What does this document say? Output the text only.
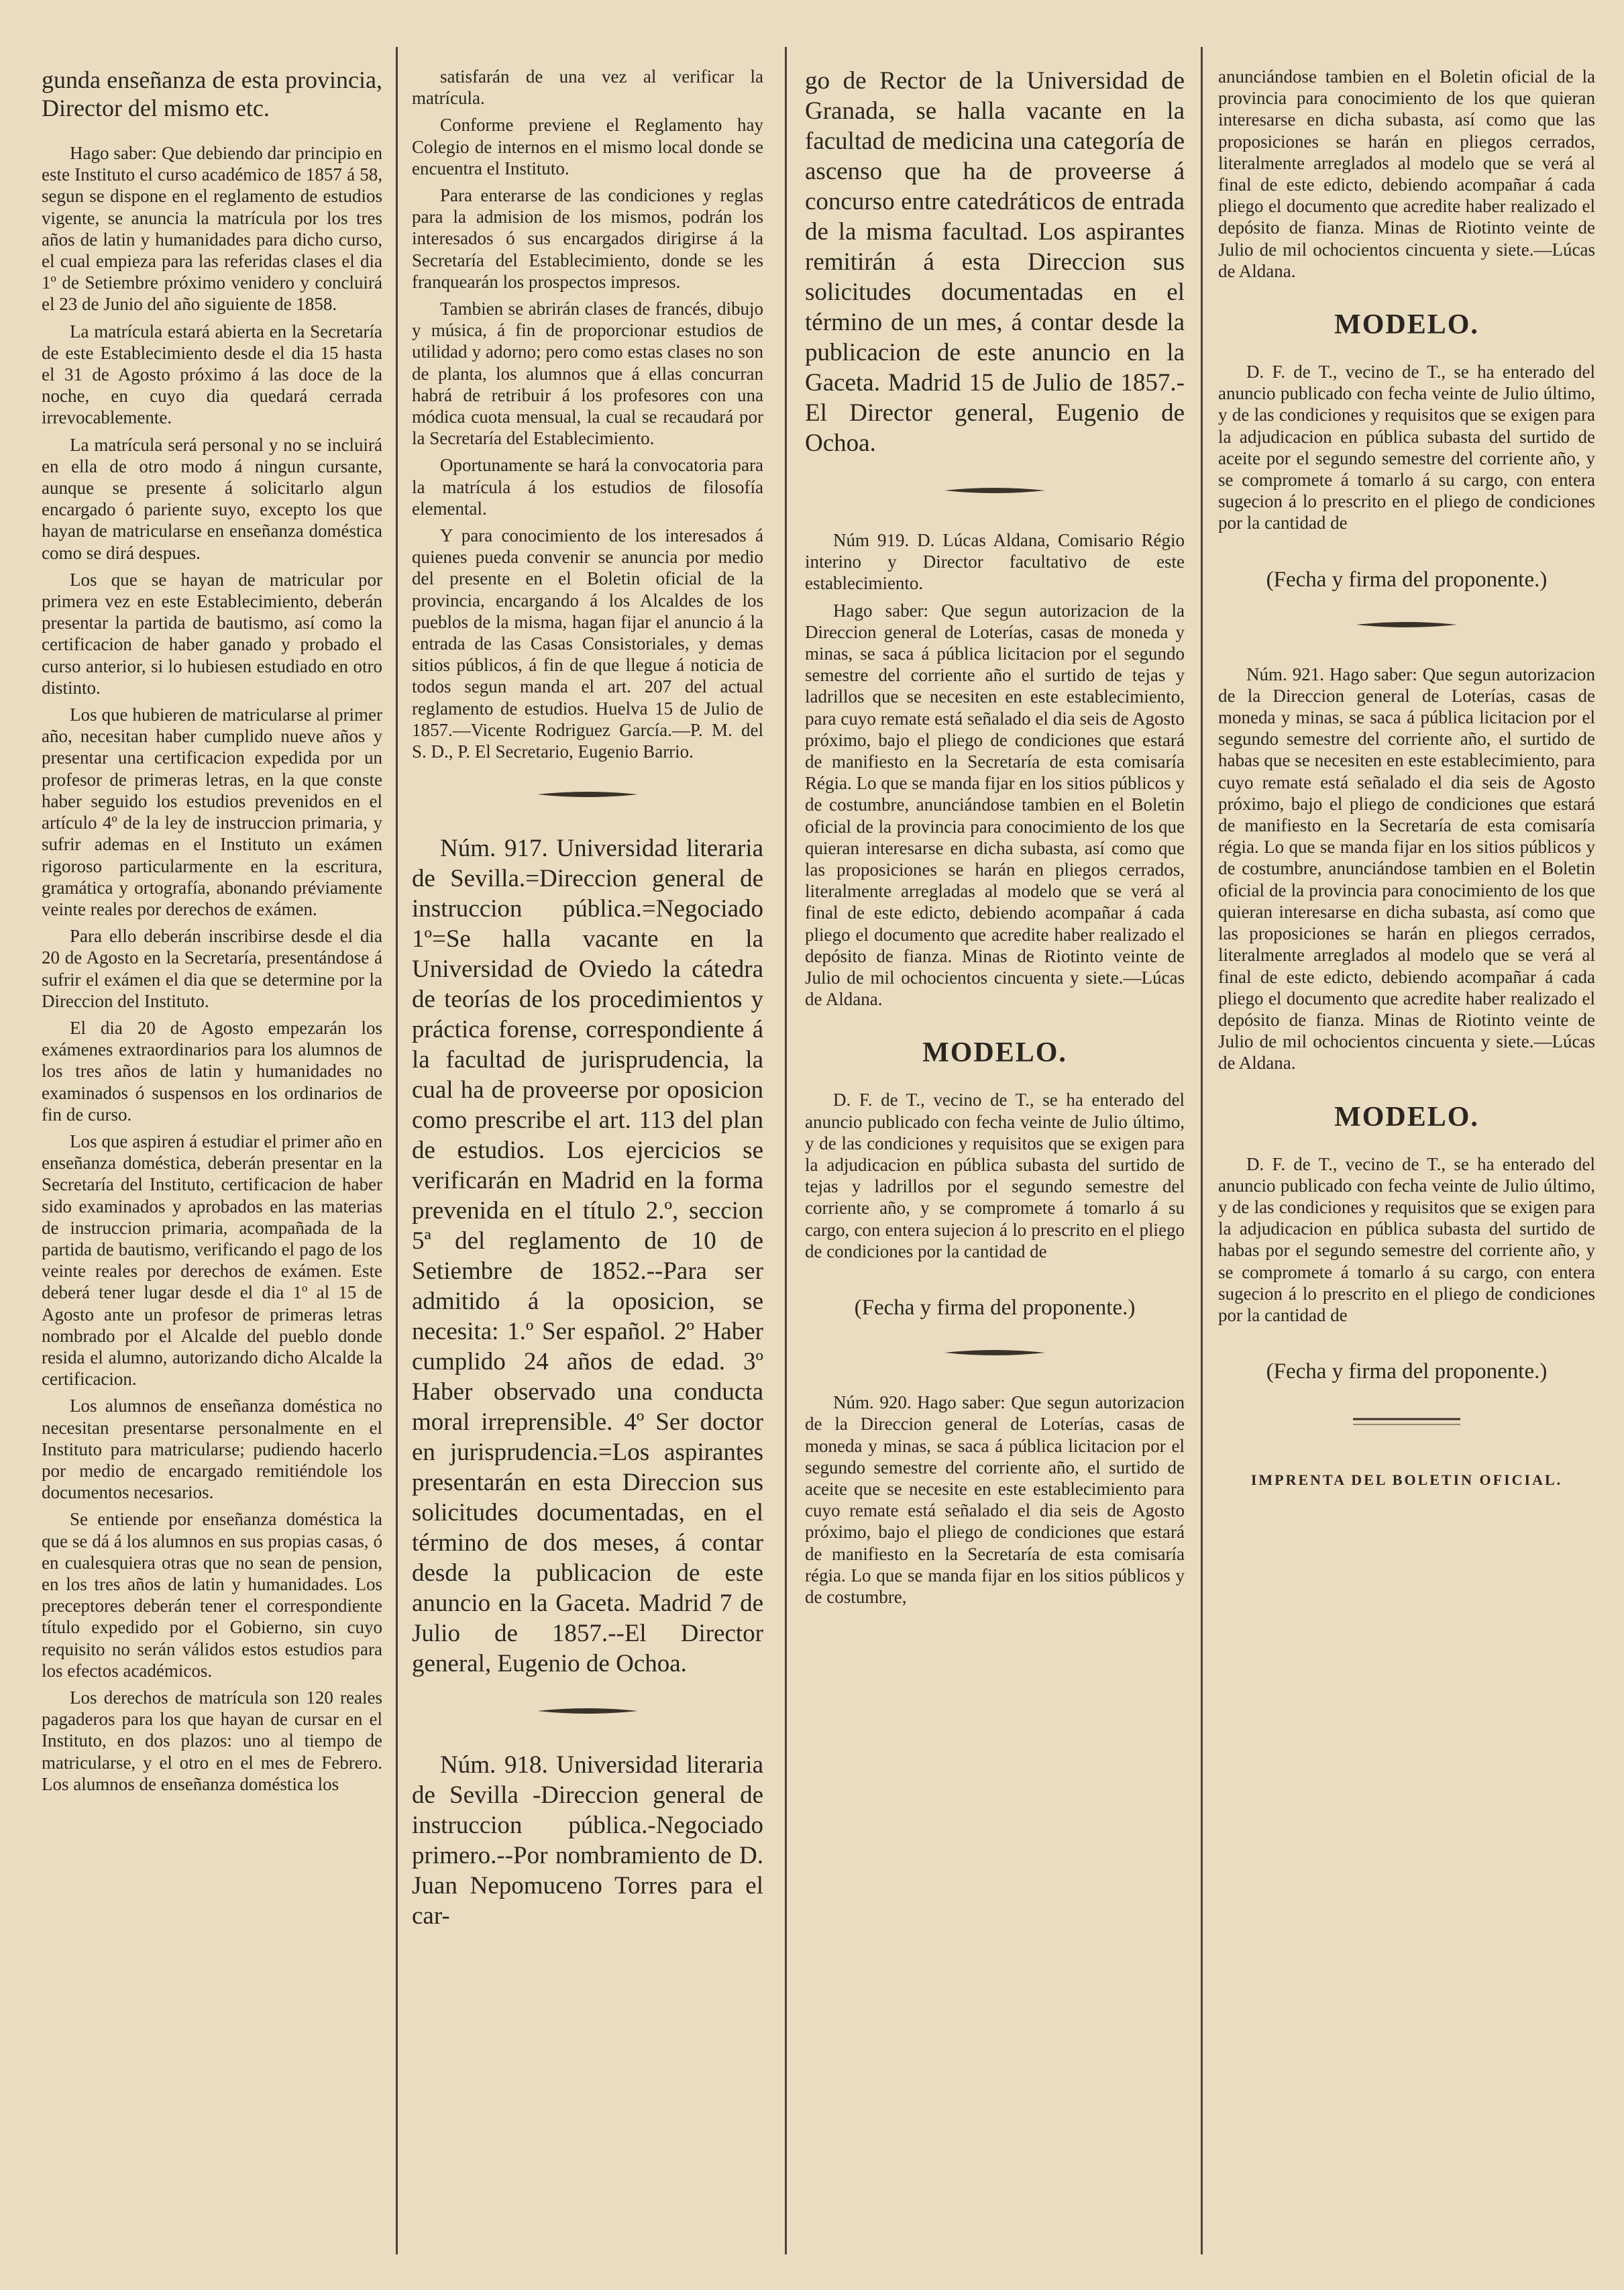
gunda enseñanza de esta provincia, Director del mismo etc.

Hago saber: Que debiendo dar principio en este Instituto el curso académico de 1857 á 58, segun se dispone en el reglamento de estudios vigente, se anuncia la matrícula por los tres años de latin y humanidades para dicho curso, el cual empieza para las referidas clases el dia 1º de Setiembre próximo venidero y concluirá el 23 de Junio del año siguiente de 1858.

La matrícula estará abierta en la Secretaría de este Establecimiento desde el dia 15 hasta el 31 de Agosto próximo á las doce de la noche, en cuyo dia quedará cerrada irrevocablemente.

La matrícula será personal y no se incluirá en ella de otro modo á ningun cursante, aunque se presente á solicitarlo algun encargado ó pariente suyo, excepto los que hayan de matricularse en enseñanza doméstica como se dirá despues.

Los que se hayan de matricular por primera vez en este Establecimiento, deberán presentar la partida de bautismo, así como la certificacion de haber ganado y probado el curso anterior, si lo hubiesen estudiado en otro distinto.

Los que hubieren de matricularse al primer año, necesitan haber cumplido nueve años y presentar una certificacion expedida por un profesor de primeras letras, en la que conste haber seguido los estudios prevenidos en el artículo 4º de la ley de instruccion primaria, y sufrir ademas en el Instituto un exámen rigoroso particularmente en la escritura, gramática y ortografía, abonando préviamente veinte reales por derechos de exámen.

Para ello deberán inscribirse desde el dia 20 de Agosto en la Secretaría, presentándose á sufrir el exámen el dia que se determine por la Direccion del Instituto.

El dia 20 de Agosto empezarán los exámenes extraordinarios para los alumnos de los tres años de latin y humanidades no examinados ó suspensos en los ordinarios de fin de curso.

Los que aspiren á estudiar el primer año en enseñanza doméstica, deberán presentar en la Secretaría del Instituto, certificacion de haber sido examinados y aprobados en las materias de instruccion primaria, acompañada de la partida de bautismo, verificando el pago de los veinte reales por derechos de exámen. Este deberá tener lugar desde el dia 1º al 15 de Agosto ante un profesor de primeras letras nombrado por el Alcalde del pueblo donde resida el alumno, autorizando dicho Alcalde la certificacion.

Los alumnos de enseñanza doméstica no necesitan presentarse personalmente en el Instituto para matricularse; pudiendo hacerlo por medio de encargado remitiéndole los documentos necesarios.

Se entiende por enseñanza doméstica la que se dá á los alumnos en sus propias casas, ó en cualesquiera otras que no sean de pension, en los tres años de latin y humanidades. Los preceptores deberán tener el correspondiente título expedido por el Gobierno, sin cuyo requisito no serán válidos estos estudios para los efectos académicos.

Los derechos de matrícula son 120 reales pagaderos para los que hayan de cursar en el Instituto, en dos plazos: uno al tiempo de matricularse, y el otro en el mes de Febrero. Los alumnos de enseñanza doméstica los

satisfarán de una vez al verificar la matrícula.

Conforme previene el Reglamento hay Colegio de internos en el mismo local donde se encuentra el Instituto.

Para enterarse de las condiciones y reglas para la admision de los mismos, podrán los interesados ó sus encargados dirigirse á la Secretaría del Establecimiento, donde se les franquearán los prospectos impresos.

Tambien se abrirán clases de francés, dibujo y música, á fin de proporcionar estudios de utilidad y adorno; pero como estas clases no son de planta, los alumnos que á ellas concurran habrá de retribuir á los profesores con una módica cuota mensual, la cual se recaudará por la Secretaría del Establecimiento.

Oportunamente se hará la convocatoria para la matrícula á los estudios de filosofía elemental.

Y para conocimiento de los interesados á quienes pueda convenir se anuncia por medio del presente en el Boletin oficial de la provincia, encargando á los Alcaldes de los pueblos de la misma, hagan fijar el anuncio á la entrada de las Casas Consistoriales, y demas sitios públicos, á fin de que llegue á noticia de todos segun manda el art. 207 del actual reglamento de estudios. Huelva 15 de Julio de 1857.—Vicente Rodriguez García.—P. M. del S. D., P. El Secretario, Eugenio Barrio.

Núm. 917. Universidad literaria de Sevilla.=Direccion general de instruccion pública.=Negociado 1º=Se halla vacante en la Universidad de Oviedo la cátedra de teorías de los procedimientos y práctica forense, correspondiente á la facultad de jurisprudencia, la cual ha de proveerse por oposicion como prescribe el art. 113 del plan de estudios. Los ejercicios se verificarán en Madrid en la forma prevenida en el título 2.º, seccion 5ª del reglamento de 10 de Setiembre de 1852.--Para ser admitido á la oposicion, se necesita: 1.º Ser español. 2º Haber cumplido 24 años de edad. 3º Haber observado una conducta moral irreprensible. 4º Ser doctor en jurisprudencia.=Los aspirantes presentarán en esta Direccion sus solicitudes documentadas, en el término de dos meses, á contar desde la publicacion de este anuncio en la Gaceta. Madrid 7 de Julio de 1857.--El Director general, Eugenio de Ochoa.

Núm. 918. Universidad literaria de Sevilla -Direccion general de instruccion pública.-Negociado primero.--Por nombramiento de D. Juan Nepomuceno Torres para el car-

go de Rector de la Universidad de Granada, se halla vacante en la facultad de medicina una categoría de ascenso que ha de proveerse á concurso entre catedráticos de entrada de la misma facultad. Los aspirantes remitirán á esta Direccion sus solicitudes documentadas en el término de un mes, á contar desde la publicacion de este anuncio en la Gaceta. Madrid 15 de Julio de 1857.-El Director general, Eugenio de Ochoa.

Núm 919. D. Lúcas Aldana, Comisario Régio interino y Director facultativo de este establecimiento.

Hago saber: Que segun autorizacion de la Direccion general de Loterías, casas de moneda y minas, se saca á pública licitacion por el segundo semestre del corriente año el surtido de tejas y ladrillos que se necesiten en este establecimiento, para cuyo remate está señalado el dia seis de Agosto próximo, bajo el pliego de condiciones que estará de manifiesto en la Secretaría de esta comisaría Régia. Lo que se manda fijar en los sitios públicos y de costumbre, anunciándose tambien en el Boletin oficial de la provincia para conocimiento de los que quieran interesarse en dicha subasta, así como que las proposiciones se harán en pliegos cerrados, literalmente arregladas al modelo que se verá al final de este edicto, debiendo acompañar á cada pliego el documento que acredite haber realizado el depósito de fianza. Minas de Riotinto veinte de Julio de mil ochocientos cincuenta y siete.—Lúcas de Aldana.

MODELO.

D. F. de T., vecino de T., se ha enterado del anuncio publicado con fecha veinte de Julio último, y de las condiciones y requisitos que se exigen para la adjudicacion en pública subasta del surtido de tejas y ladrillos por el segundo semestre del corriente año, y se compromete á tomarlo á su cargo, con entera sujecion á lo prescrito en el pliego de condiciones por la cantidad de

(Fecha y firma del proponente.)

Núm. 920. Hago saber: Que segun autorizacion de la Direccion general de Loterías, casas de moneda y minas, se saca á pública licitacion por el segundo semestre del corriente año, el surtido de aceite que se necesite en este establecimiento para cuyo remate está señalado el dia seis de Agosto próximo, bajo el pliego de condiciones que estará de manifiesto en la Secretaría de esta comisaría régia. Lo que se manda fijar en los sitios públicos y de costumbre,

anunciándose tambien en el Boletin oficial de la provincia para conocimiento de los que quieran interesarse en dicha subasta, así como que las proposiciones se harán en pliegos cerrados, literalmente arreglados al modelo que se verá al final de este edicto, debiendo acompañar á cada pliego el documento que acredite haber realizado el depósito de fianza. Minas de Riotinto veinte de Julio de mil ochocientos cincuenta y siete.—Lúcas de Aldana.

MODELO.

D. F. de T., vecino de T., se ha enterado del anuncio publicado con fecha veinte de Julio último, y de las condiciones y requisitos que se exigen para la adjudicacion en pública subasta del surtido de aceite por el segundo semestre del corriente año, y se compromete á tomarlo á su cargo, con entera sugecion á lo prescrito en el pliego de condiciones por la cantidad de

(Fecha y firma del proponente.)

Núm. 921. Hago saber: Que segun autorizacion de la Direccion general de Loterías, casas de moneda y minas, se saca á pública licitacion por el segundo semestre del corriente año, el surtido de habas que se necesiten en este establecimiento, para cuyo remate está señalado el dia seis de Agosto próximo, bajo el pliego de condiciones que estará de manifiesto en la Secretaría de esta comisaría régia. Lo que se manda fijar en los sitios públicos y de costumbre, anunciándose tambien en el Boletin oficial de la provincia para conocimiento de los que quieran interesarse en dicha subasta, así como que las proposiciones se harán en pliegos cerrados, literalmente arreglados al modelo que se verá al final de este edicto, debiendo acompañar á cada pliego el documento que acredite haber realizado el depósito de fianza. Minas de Riotinto veinte de Julio de mil ochocientos cincuenta y siete.—Lúcas de Aldana.

MODELO.

D. F. de T., vecino de T., se ha enterado del anuncio publicado con fecha veinte de Julio último, y de las condiciones y requisitos que se exigen para la adjudicacion en pública subasta del surtido de habas por el segundo semestre del corriente año, y se compromete á tomarlo á su cargo, con entera sugecion á lo prescrito en el pliego de condiciones por la cantidad de

(Fecha y firma del proponente.)
IMPRENTA DEL BOLETIN OFICIAL.
